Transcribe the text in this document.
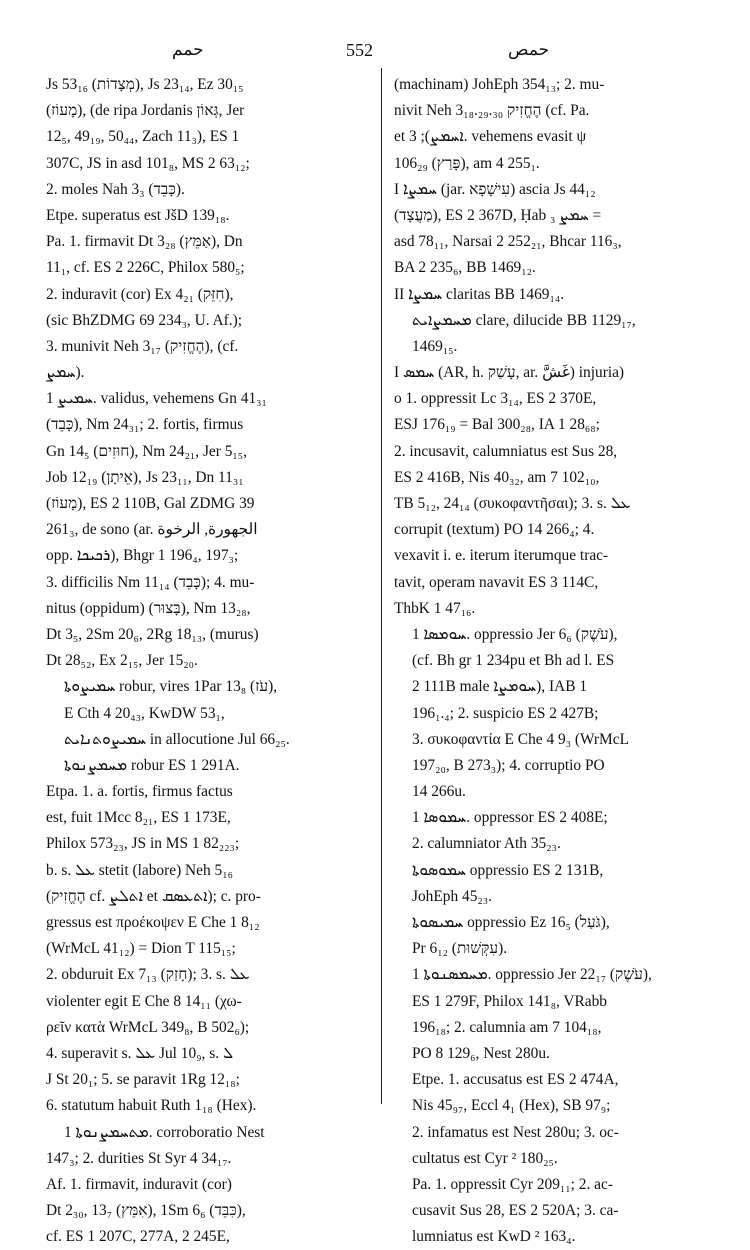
حمم	552	حمص
Js 53₁₆ (מְצָדוֹת), Js 23₁₄, Ez 30₁₅
(מָעוֹז), (de ripa Jordanis גְּאוֹן, Jer
12₅, 49₁₉, 50₄₄, Zach 11₃), ES 1
307C, JS in asd 101₈, MS 2 63₁₂;
2. moles Nah 3₃ (כָּבֵד).
Etpe. superatus est JšD 139₁₈.
Pa. 1. firmavit Dt 3₂₈ (אַמֵּץ), Dn
11₁, cf. ES 2 226C, Philox 580₅;
2. induravit (cor) Ex 4₂₁ (חִזֵּק),
(sic BhZDMG 69 234₃, U. Af.);
3. munivit Neh 3₁₇ (הֶחֱזִיק), (cf.
ܚܡܨ).
ܚܡܝܨ 1. validus, vehemens Gn 41₃₁
(כָּבֵד), Nm 24₃₁; 2. fortis, firmus
Gn 14₅ (חוּזִים), Nm 24₂₁, Jer 5₁₅,
Job 12₁₉ (אֵיתָן), Js 23₁₁, Dn 11₃₁
(מָעוֹז), ES 2 110B, Gal ZDMG 39
261₃, de sono (ar. الجهورة, الرخوة
opp. ܪܟܝܟܐ), Bhgr 1 196₄, 197₃;
3. difficilis Nm 11₁₄ (כָּבֵד); 4. mu-
nitus (oppidum) (בָּצוּר), Nm 13₂₈,
Dt 3₅, 2Sm 20₆, 2Rg 18₁₃, (murus)
Dt 28₅₂, Ex 2₁₅, Jer 15₂₀.
ܚܡܝܨܘܬܐ robur, vires 1Par 13₈ (עֹז),
E Cth 4 20₄₃, KwDW 53₁,
ܚܡܝܨܘܬܢܐܝܬ in allocutione Jul 66₂₅.
ܡܚܡܨܢܘܬܐ robur ES 1 291A.
Etpa. 1. a. fortis, firmus factus
est, fuit 1Mcc 8₂₁, ES 1 173E,
Philox 573₂₃, JS in MS 1 82₂₂₃;
b. s. ܥܠ stetit (labore) Neh 5₁₆
(הֶחֱזִיק cf. ܐܬܠܨ et ܐܬܥܣܩ); c. pro-
gressus est προέκοψεν E Che 1 8₁₂
(WrMcL 41₁₂) = Dion T 115₁₅;
2. obduruit Ex 7₁₃ (חָזַק); 3. s. ܥܠ
violenter egit E Che 8 14₁₁ (χω-
ρεῖν κατὰ WrMcL 349₈, B 502₆);
4. superavit s. ܥܠ Jul 10₉, s. ܠ
J St 20₁; 5. se paravit 1Rg 12₁₈;
6. statutum habuit Ruth 1₁₈ (Hex).
ܡܬܚܡܨܢܘܬܐ 1. corroboratio Nest
147₃; 2. durities St Syr 4 34₁₇.
Af. 1. firmavit, induravit (cor)
Dt 2₃₀, 13₇ (אִמֵּץ), 1Sm 6₆ (כִּבֵּד),
cf. ES 1 207C, 277A, 2 245E,
(machinam) JohEph 354₁₃; 2. mu-
nivit Neh 3₁₈.₂₉.₃₀ הֶחֱזִיק (cf. Pa.
et ܐܚܡܨ); 3. vehemens evasit ψ
106₂₉ (פָּרַץ), am 4 255₁.
I ܚܡܨܐ (jar. עִישָׁפָא) ascia Js 44₁₂
(מַעֲצָד), ES 2 367D, Ḥab ܚܡܨ ₃ =
asd 78₁₁, Narsai 2 252₂₁, Bhcar 116₃,
BA 2 235₆, BB 1469₁₂.
II ܚܡܨܐ claritas BB 1469₁₄.
ܡܚܡܨܐܝܬ clare, dilucide BB 1129₁₇,
1469₁₅.
I ܚܡܣ (AR, h. עָשַׁק, ar. غَشَّ) injuria)
o 1. oppressit Lc 3₁₄, ES 2 370E,
ESJ 176₁₉ = Bal 300₂₈, IA 1 28₆₈;
2. incusavit, calumniatus est Sus 28,
ES 2 416B, Nis 40₃₂, am 7 102₁₀,
TB 5₁₂, 24₁₄ (συκοφαντῆσαι); 3. s. ܥܠ
corrupit (textum) PO 14 266₄; 4.
vexavit i. e. iterum iterumque trac-
tavit, operam navavit ES 3 114C,
ThbK 1 47₁₆.
ܚܘܡܣܐ 1. oppressio Jer 6₆ (עֹשֶׁק),
(cf. Bh gr 1 234pu et Bh ad l. ES
2 111B male ܚܘܡܨܐ), IAB 1
196₁.₄; 2. suspicio ES 2 427B;
3. συκοφαντία E Che 4 9₃ (WrMcL
197₂₀, B 273₃); 4. corruptio PO
14 266u.
ܚܡܘܣܐ 1. oppressor ES 2 408E;
2. calumniator Ath 35₂₃.
ܚܡܘܣܘܬܐ oppressio ES 2 131B,
JohEph 45₂₃.
ܚܡܝܣܘܬܐ oppressio Ez 16₅ (גֹּעַל),
Pr 6₁₂ (עִקְּשׁוּת).
ܡܚܡܣܢܘܬܐ 1. oppressio Jer 22₁₇ (עֹשֶׁק),
ES 1 279F, Philox 141₈, VRabb
196₁₈; 2. calumnia am 7 104₁₈,
PO 8 129₆, Nest 280u.
Etpe. 1. accusatus est ES 2 474A,
Nis 45₉₇, Eccl 4₁ (Hex), SB 97₉;
2. infamatus est Nest 280u; 3. oc-
cultatus est Cyr ² 180₂₅.
Pa. 1. oppressit Cyr 209₁₁; 2. ac-
cusavit Sus 28, ES 2 520A; 3. ca-
lumniatus est KwD ² 163₄.
